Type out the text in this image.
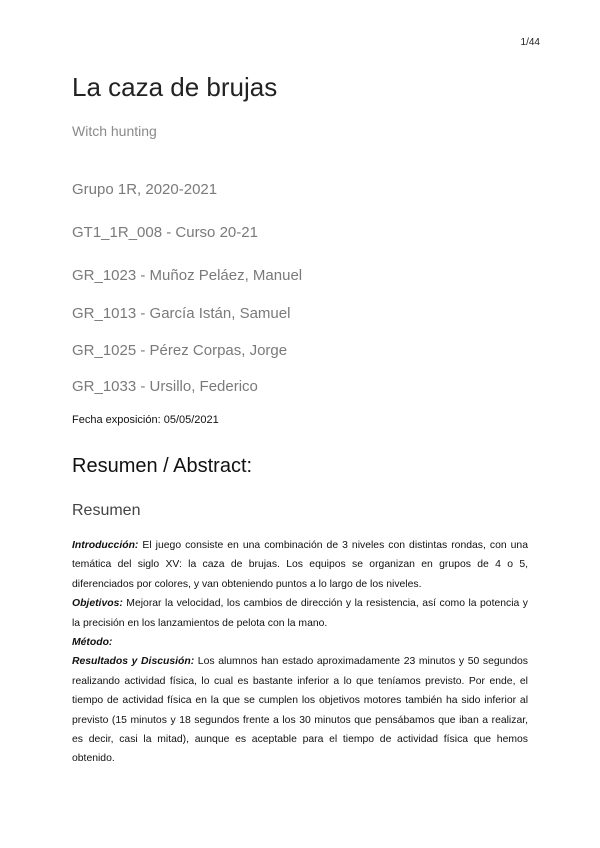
1/44
La caza de brujas
Witch hunting
Grupo 1R, 2020-2021
GT1_1R_008 - Curso 20-21
GR_1023 - Muñoz Peláez, Manuel
GR_1013 - García Istán, Samuel
GR_1025 - Pérez Corpas, Jorge
GR_1033 - Ursillo, Federico
Fecha exposición: 05/05/2021
Resumen / Abstract:
Resumen

Introducción: El juego consiste en una combinación de 3 niveles con distintas rondas, con una temática del siglo XV: la caza de brujas. Los equipos se organizan en grupos de 4 o 5, diferenciados por colores, y van obteniendo puntos a lo largo de los niveles.

Objetivos: Mejorar la velocidad, los cambios de dirección y la resistencia, así como la potencia y la precisión en los lanzamientos de pelota con la mano.

Método:

Resultados y Discusión: Los alumnos han estado aproximadamente 23 minutos y 50 segundos realizando actividad física, lo cual es bastante inferior a lo que teníamos previsto. Por ende, el tiempo de actividad física en la que se cumplen los objetivos motores también ha sido inferior al previsto (15 minutos y 18 segundos frente a los 30 minutos que pensábamos que iban a realizar, es decir, casi la mitad), aunque es aceptable para el tiempo de actividad física que hemos obtenido.
